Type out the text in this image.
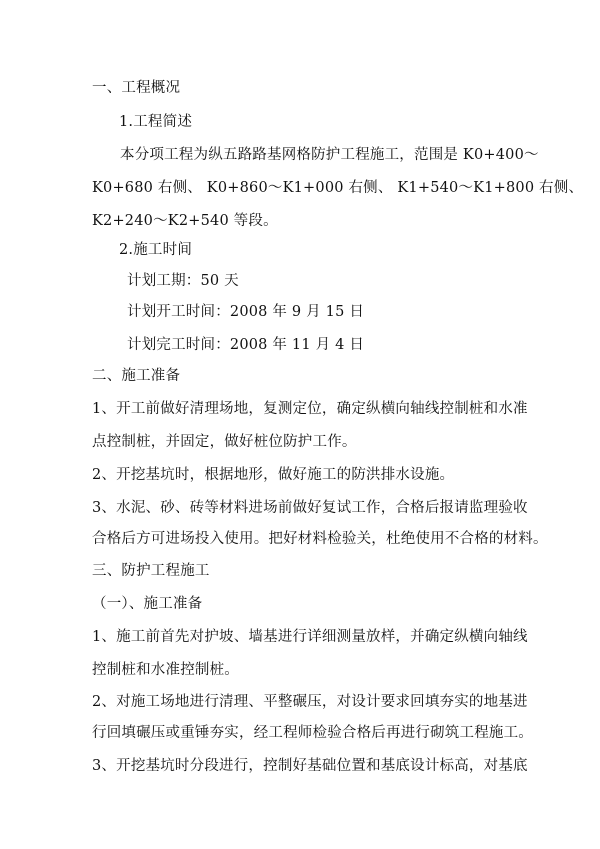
一、工程概况
1.工程简述
本分项工程为纵五路路基网格防护工程施工，范围是 K0+400～
K0+680 右侧、 K0+860～K1+000 右侧、 K1+540～K1+800 右侧、
K2+240～K2+540 等段。
2.施工时间
计划工期：50 天
计划开工时间：2008 年 9 月 15 日
计划完工时间：2008 年 11 月 4 日
二、施工准备
1、开工前做好清理场地，复测定位，确定纵横向轴线控制桩和水准
点控制桩，并固定，做好桩位防护工作。
2、开挖基坑时，根据地形，做好施工的防洪排水设施。
3、水泥、砂、砖等材料进场前做好复试工作，合格后报请监理验收
合格后方可进场投入使用。把好材料检验关，杜绝使用不合格的材料。
三、防护工程施工
（一）、施工准备
1、施工前首先对护坡、墙基进行详细测量放样，并确定纵横向轴线
控制桩和水准控制桩。
2、对施工场地进行清理、平整碾压，对设计要求回填夯实的地基进
行回填碾压或重锤夯实，经工程师检验合格后再进行砌筑工程施工。
3、开挖基坑时分段进行，控制好基础位置和基底设计标高，对基底
